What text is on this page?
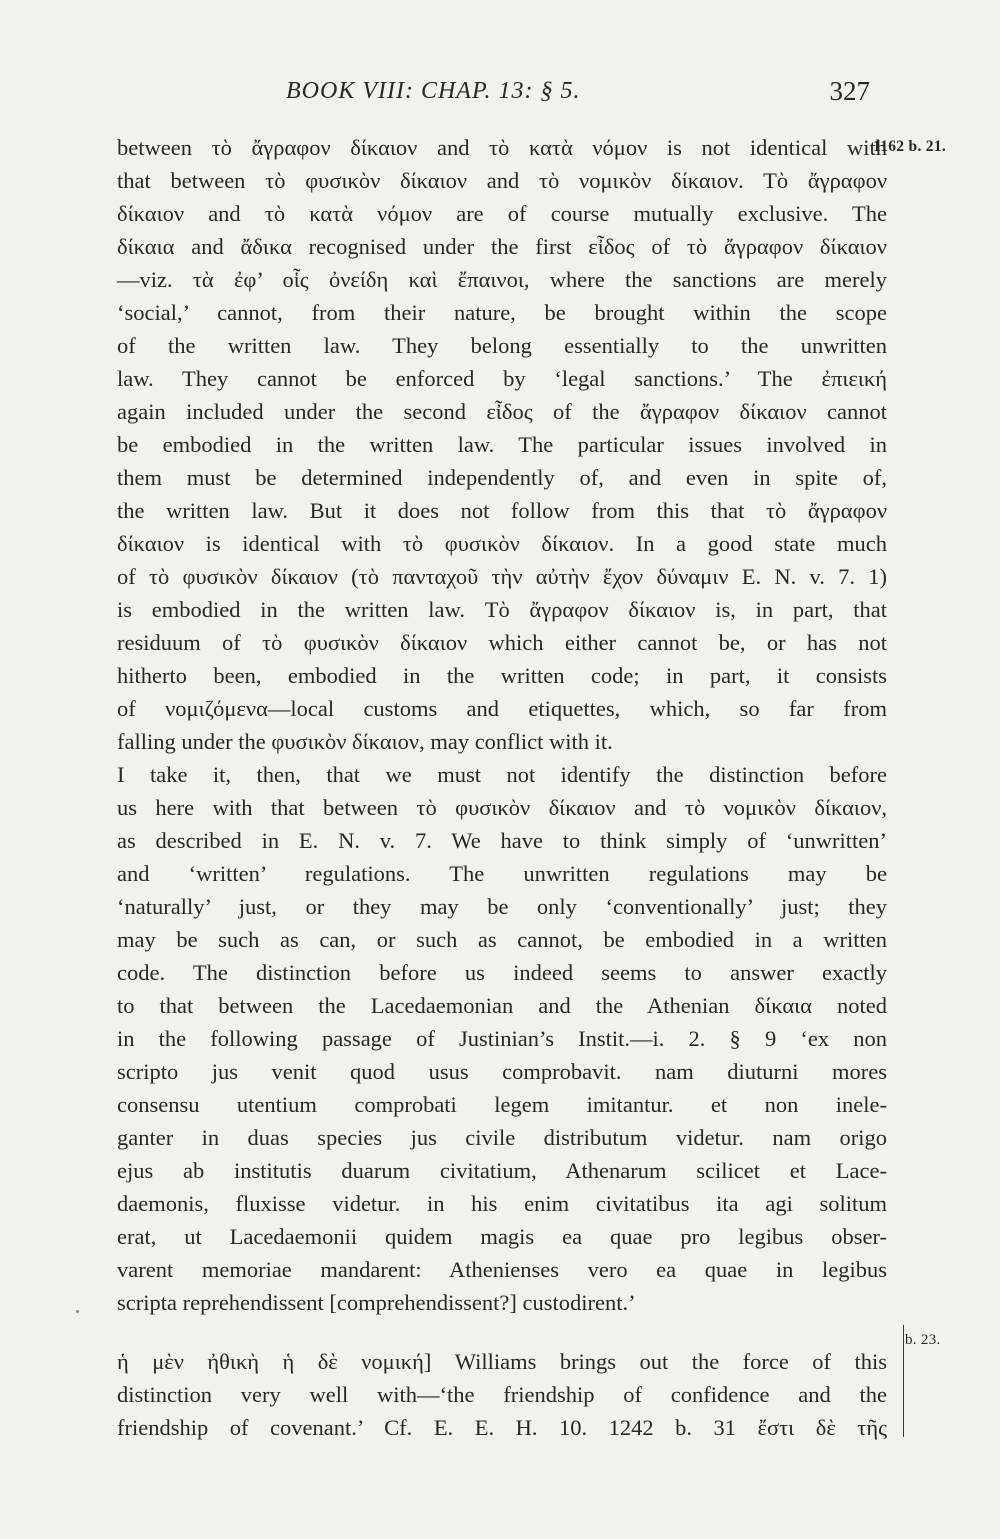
BOOK VIII: CHAP. 13: § 5.	327
between τὸ ἄγραφον δίκαιον and τὸ κατὰ νόμον is not identical with
that between τὸ φυσικὸν δίκαιον and τὸ νομικὸν δίκαιον. Τὸ ἄγραφον
δίκαιον and τὸ κατὰ νόμον are of course mutually exclusive. The
δίκαια and ἄδικα recognised under the first εἶδος of τὸ ἄγραφον δίκαιον
—viz. τὰ ἐφ’ οἷς ὀνείδη καὶ ἔπαινοι, where the sanctions are merely
‘social,’ cannot, from their nature, be brought within the scope
of the written law. They belong essentially to the unwritten
law. They cannot be enforced by ‘legal sanctions.’ The ἐπιεική
again included under the second εἶδος of the ἄγραφον δίκαιον cannot
be embodied in the written law. The particular issues involved in
them must be determined independently of, and even in spite of,
the written law. But it does not follow from this that τὸ ἄγραφον
δίκαιον is identical with τὸ φυσικὸν δίκαιον. In a good state much
of τὸ φυσικὸν δίκαιον (τὸ πανταχοῦ τὴν αὐτὴν ἔχον δύναμιν E. N. v. 7. 1)
is embodied in the written law. Τὸ ἄγραφον δίκαιον is, in part, that
residuum of τὸ φυσικὸν δίκαιον which either cannot be, or has not
hitherto been, embodied in the written code; in part, it consists
of νομιζόμενα—local customs and etiquettes, which, so far from
falling under the φυσικὸν δίκαιον, may conflict with it.
I take it, then, that we must not identify the distinction before
us here with that between τὸ φυσικὸν δίκαιον and τὸ νομικὸν δίκαιον,
as described in E. N. v. 7. We have to think simply of ‘unwritten’
and ‘written’ regulations. The unwritten regulations may be
‘naturally’ just, or they may be only ‘conventionally’ just; they
may be such as can, or such as cannot, be embodied in a written
code. The distinction before us indeed seems to answer exactly
to that between the Lacedaemonian and the Athenian δίκαια noted
in the following passage of Justinian’s Instit.—i. 2. § 9 ‘ex non
scripto jus venit quod usus comprobavit. nam diuturni mores
consensu utentium comprobati legem imitantur. et non inele-
ganter in duas species jus civile distributum videtur. nam origo
ejus ab institutis duarum civitatium, Athenarum scilicet et Lace-
daemonis, fluxisse videtur. in his enim civitatibus ita agi solitum
erat, ut Lacedaemonii quidem magis ea quae pro legibus obser-
varent memoriae mandarent: Athenienses vero ea quae in legibus
scripta reprehendissent [comprehendissent?] custodirent.’
ἡ μὲν ἠθικὴ ἡ δὲ νομική] Williams brings out the force of this
distinction very well with—‘the friendship of confidence and the
friendship of covenant.’ Cf. E. E. H. 10. 1242 b. 31 ἔστι δὲ τῆς
1162 b. 21.
b. 23.
